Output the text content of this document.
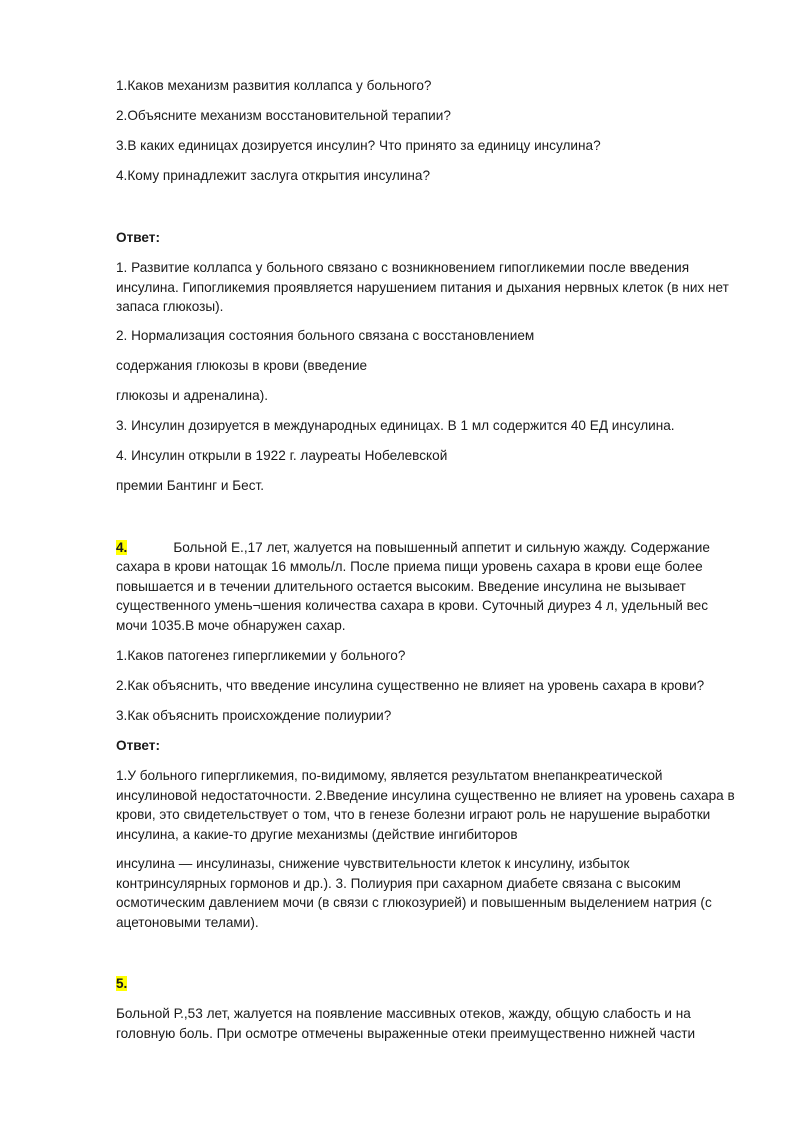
1.Каков механизм развития коллапса у больного?
2.Объясните механизм восстановительной терапии?
3.В каких единицах дозируется инсулин? Что принято за единицу инсулина?
4.Кому принадлежит заслуга открытия инсулина?
Ответ:
1. Развитие коллапса у больного связано с возникновением гипогликемии после введения инсулина. Гипогликемия проявляется нарушением питания и дыхания нервных клеток (в них нет запаса глюкозы).
2. Нормализация состояния больного связана с восстановлением
содержания глюкозы в крови (введение
глюкозы и адреналина).
3. Инсулин дозируется в международных единицах. В 1 мл содержится 40 ЕД инсулина.
4. Инсулин открыли в 1922 г. лауреаты Нобелевской
премии Бантинг и Бест.
4.	Больной Е.,17 лет, жалуется на повышенный аппетит и сильную жажду. Содержание
сахара в крови натощак 16 ммоль/л. После приема пищи уровень сахара в крови еще более повышается и в течении длительного остается высоким. Введение инсулина не вызывает существенного умень¬шения количества сахара в крови. Суточный диурез 4 л, удельный вес мочи 1035.В моче обнаружен сахар.
1.Каков патогенез гипергликемии у больного?
2.Как объяснить, что введение инсулина существенно не влияет на уровень сахара в крови?
3.Как объяснить происхождение полиурии?
Ответ:
1.У больного гипергликемия, по-видимому, является результатом внепанкреатической инсулиновой недостаточности. 2.Введение инсулина существенно не влияет на уровень сахара в крови, это свидетельствует о том, что в генезе болезни играют роль не нарушение выработки инсулина, а какие-то другие механизмы (действие ингибиторов
инсулина — инсулиназы, снижение чувствительности клеток к инсулину, избыток контринсулярных гормонов и др.). 3. Полиурия при сахарном диабете связана с высоким осмотическим давлением мочи (в связи с глюкозурией) и повышенным выделением натрия (с ацетоновыми телами).
5.
Больной Р.,53 лет, жалуется на появление массивных отеков, жажду, общую слабость и на головную боль. При осмотре отмечены выраженные отеки преимущественно нижней части
